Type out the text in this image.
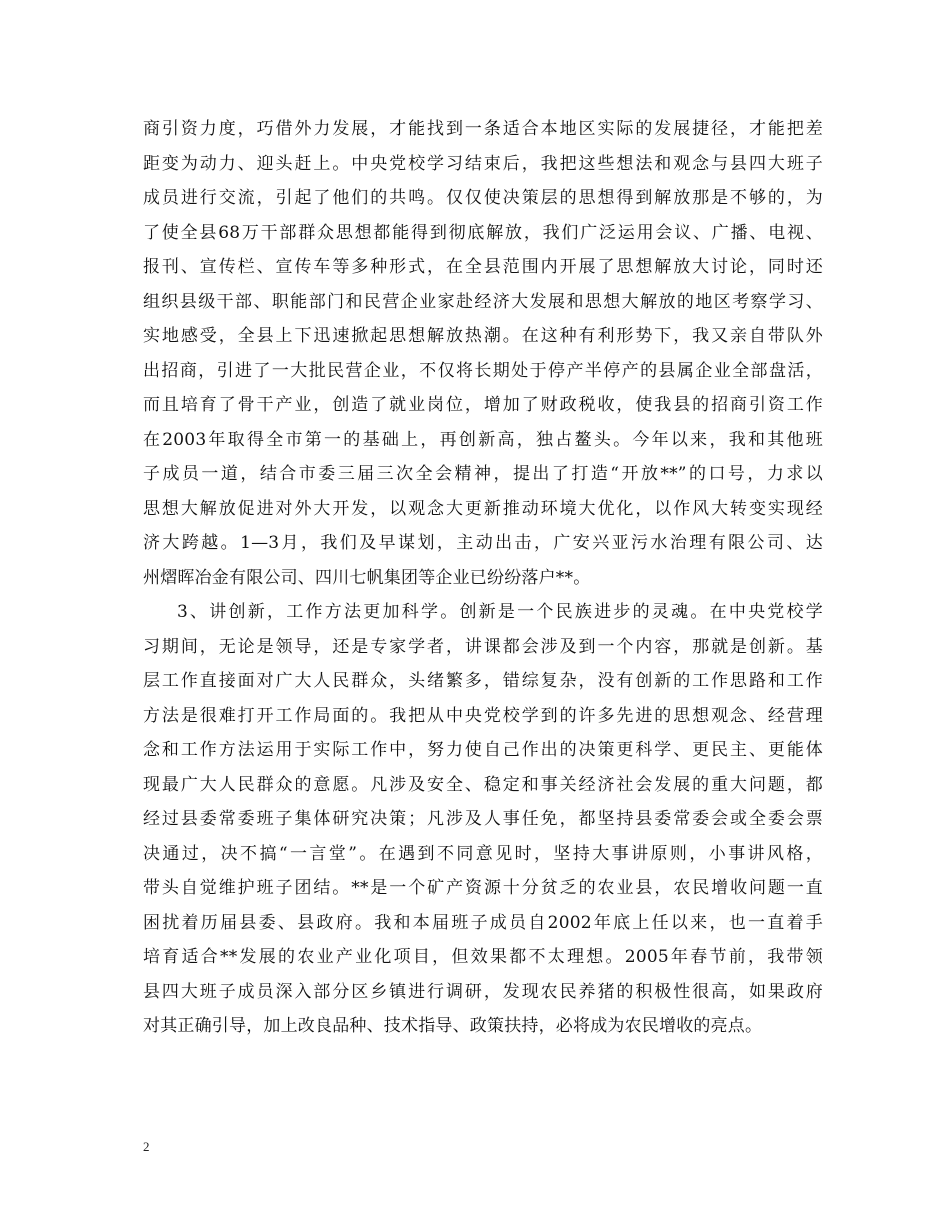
商引资力度，巧借外力发展，才能找到一条适合本地区实际的发展捷径，才能把差
距变为动力、迎头赶上。中央党校学习结束后，我把这些想法和观念与县四大班子
成员进行交流，引起了他们的共鸣。仅仅使决策层的思想得到解放那是不够的，为
了使全县68万干部群众思想都能得到彻底解放，我们广泛运用会议、广播、电视、
报刊、宣传栏、宣传车等多种形式，在全县范围内开展了思想解放大讨论，同时还
组织县级干部、职能部门和民营企业家赴经济大发展和思想大解放的地区考察学习、
实地感受，全县上下迅速掀起思想解放热潮。在这种有利形势下，我又亲自带队外
出招商，引进了一大批民营企业，不仅将长期处于停产半停产的县属企业全部盘活，
而且培育了骨干产业，创造了就业岗位，增加了财政税收，使我县的招商引资工作
在2003年取得全市第一的基础上，再创新高，独占鳌头。今年以来，我和其他班
子成员一道，结合市委三届三次全会精神，提出了打造“开放**”的口号，力求以
思想大解放促进对外大开发，以观念大更新推动环境大优化，以作风大转变实现经
济大跨越。1—3月，我们及早谋划，主动出击，广安兴亚污水治理有限公司、达
州熠晖冶金有限公司、四川七帆集团等企业已纷纷落户**。
3、讲创新，工作方法更加科学。创新是一个民族进步的灵魂。在中央党校学
习期间，无论是领导，还是专家学者，讲课都会涉及到一个内容，那就是创新。基
层工作直接面对广大人民群众，头绪繁多，错综复杂，没有创新的工作思路和工作
方法是很难打开工作局面的。我把从中央党校学到的许多先进的思想观念、经营理
念和工作方法运用于实际工作中，努力使自己作出的决策更科学、更民主、更能体
现最广大人民群众的意愿。凡涉及安全、稳定和事关经济社会发展的重大问题，都
经过县委常委班子集体研究决策；凡涉及人事任免，都坚持县委常委会或全委会票
决通过，决不搞“一言堂”。在遇到不同意见时，坚持大事讲原则，小事讲风格，
带头自觉维护班子团结。**是一个矿产资源十分贫乏的农业县，农民增收问题一直
困扰着历届县委、县政府。我和本届班子成员自2002年底上任以来，也一直着手
培育适合**发展的农业产业化项目，但效果都不太理想。2005年春节前，我带领
县四大班子成员深入部分区乡镇进行调研，发现农民养猪的积极性很高，如果政府
对其正确引导，加上改良品种、技术指导、政策扶持，必将成为农民增收的亮点。
2
